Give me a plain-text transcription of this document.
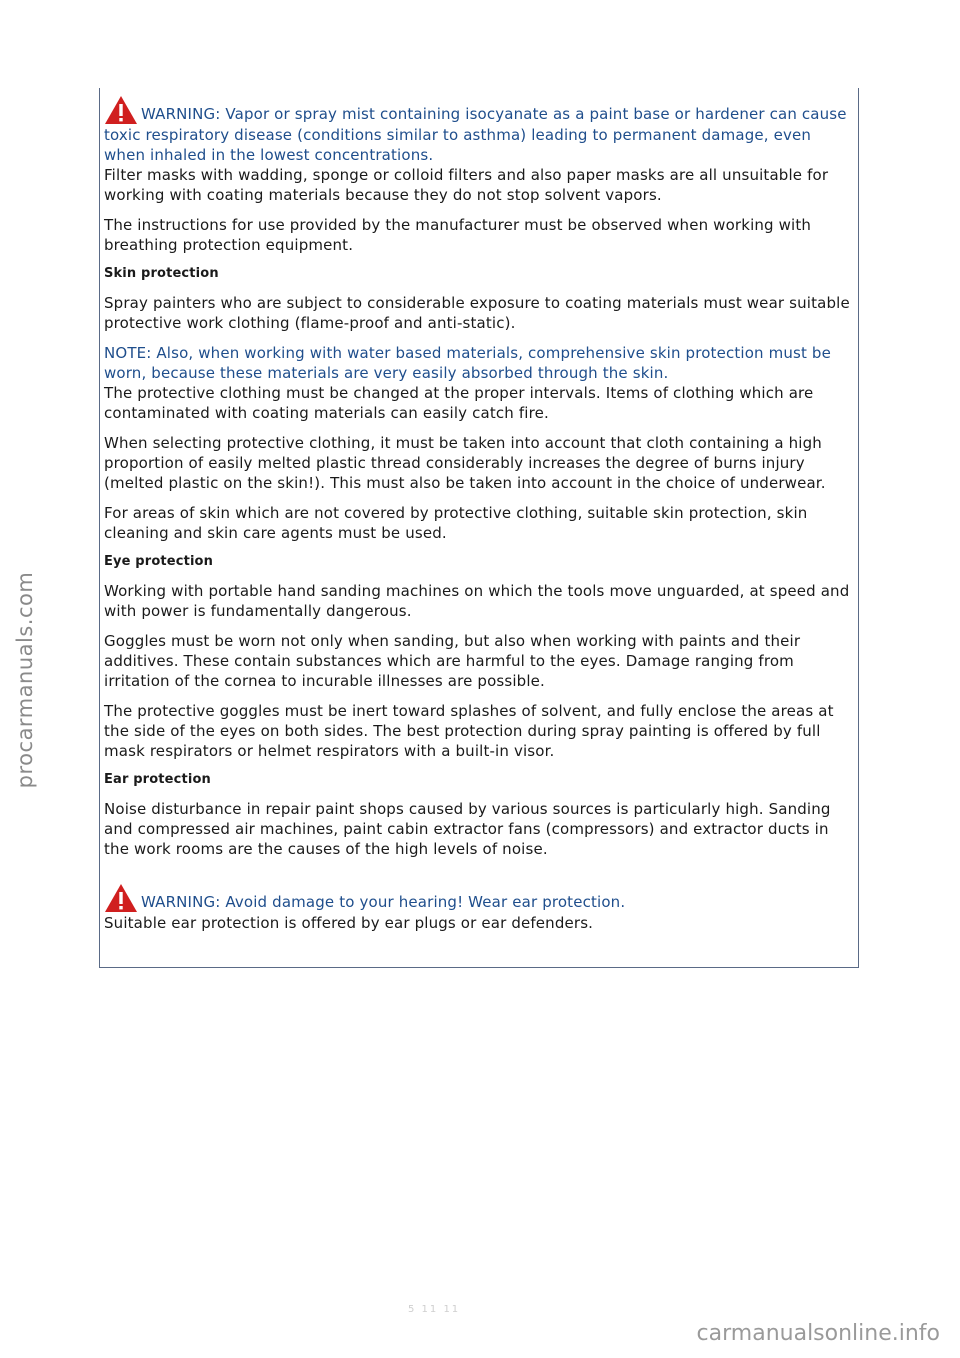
WARNING: Vapor or spray mist containing isocyanate as a paint base or hardener can cause toxic respiratory disease (conditions similar to asthma) leading to permanent damage, even when inhaled in the lowest concentrations.

Filter masks with wadding, sponge or colloid filters and also paper masks are all unsuitable for working with coating materials because they do not stop solvent vapors.

The instructions for use provided by the manufacturer must be observed when working with breathing protection equipment.

Skin protection

Spray painters who are subject to considerable exposure to coating materials must wear suitable protective work clothing (flame-proof and anti-static).

NOTE: Also, when working with water based materials, comprehensive skin protection must be worn, because these materials are very easily absorbed through the skin.

The protective clothing must be changed at the proper intervals. Items of clothing which are contaminated with coating materials can easily catch fire.

When selecting protective clothing, it must be taken into account that cloth containing a high proportion of easily melted plastic thread considerably increases the degree of burns injury (melted plastic on the skin!). This must also be taken into account in the choice of underwear.

For areas of skin which are not covered by protective clothing, suitable skin protection, skin cleaning and skin care agents must be used.

Eye protection

Working with portable hand sanding machines on which the tools move unguarded, at speed and with power is fundamentally dangerous.

Goggles must be worn not only when sanding, but also when working with paints and their additives. These contain substances which are harmful to the eyes. Damage ranging from irritation of the cornea to incurable illnesses are possible.

The protective goggles must be inert toward splashes of solvent, and fully enclose the areas at the side of the eyes on both sides. The best protection during spray painting is offered by full mask respirators or helmet respirators with a built-in visor.

Ear protection

Noise disturbance in repair paint shops caused by various sources is particularly high. Sanding and compressed air machines, paint cabin extractor fans (compressors) and extractor ducts in the work rooms are the causes of the high levels of noise.

WARNING: Avoid damage to your hearing! Wear ear protection.

Suitable ear protection is offered by ear plugs or ear defenders.

procarmanuals.com
5 11 11
carmanualsonline.info
